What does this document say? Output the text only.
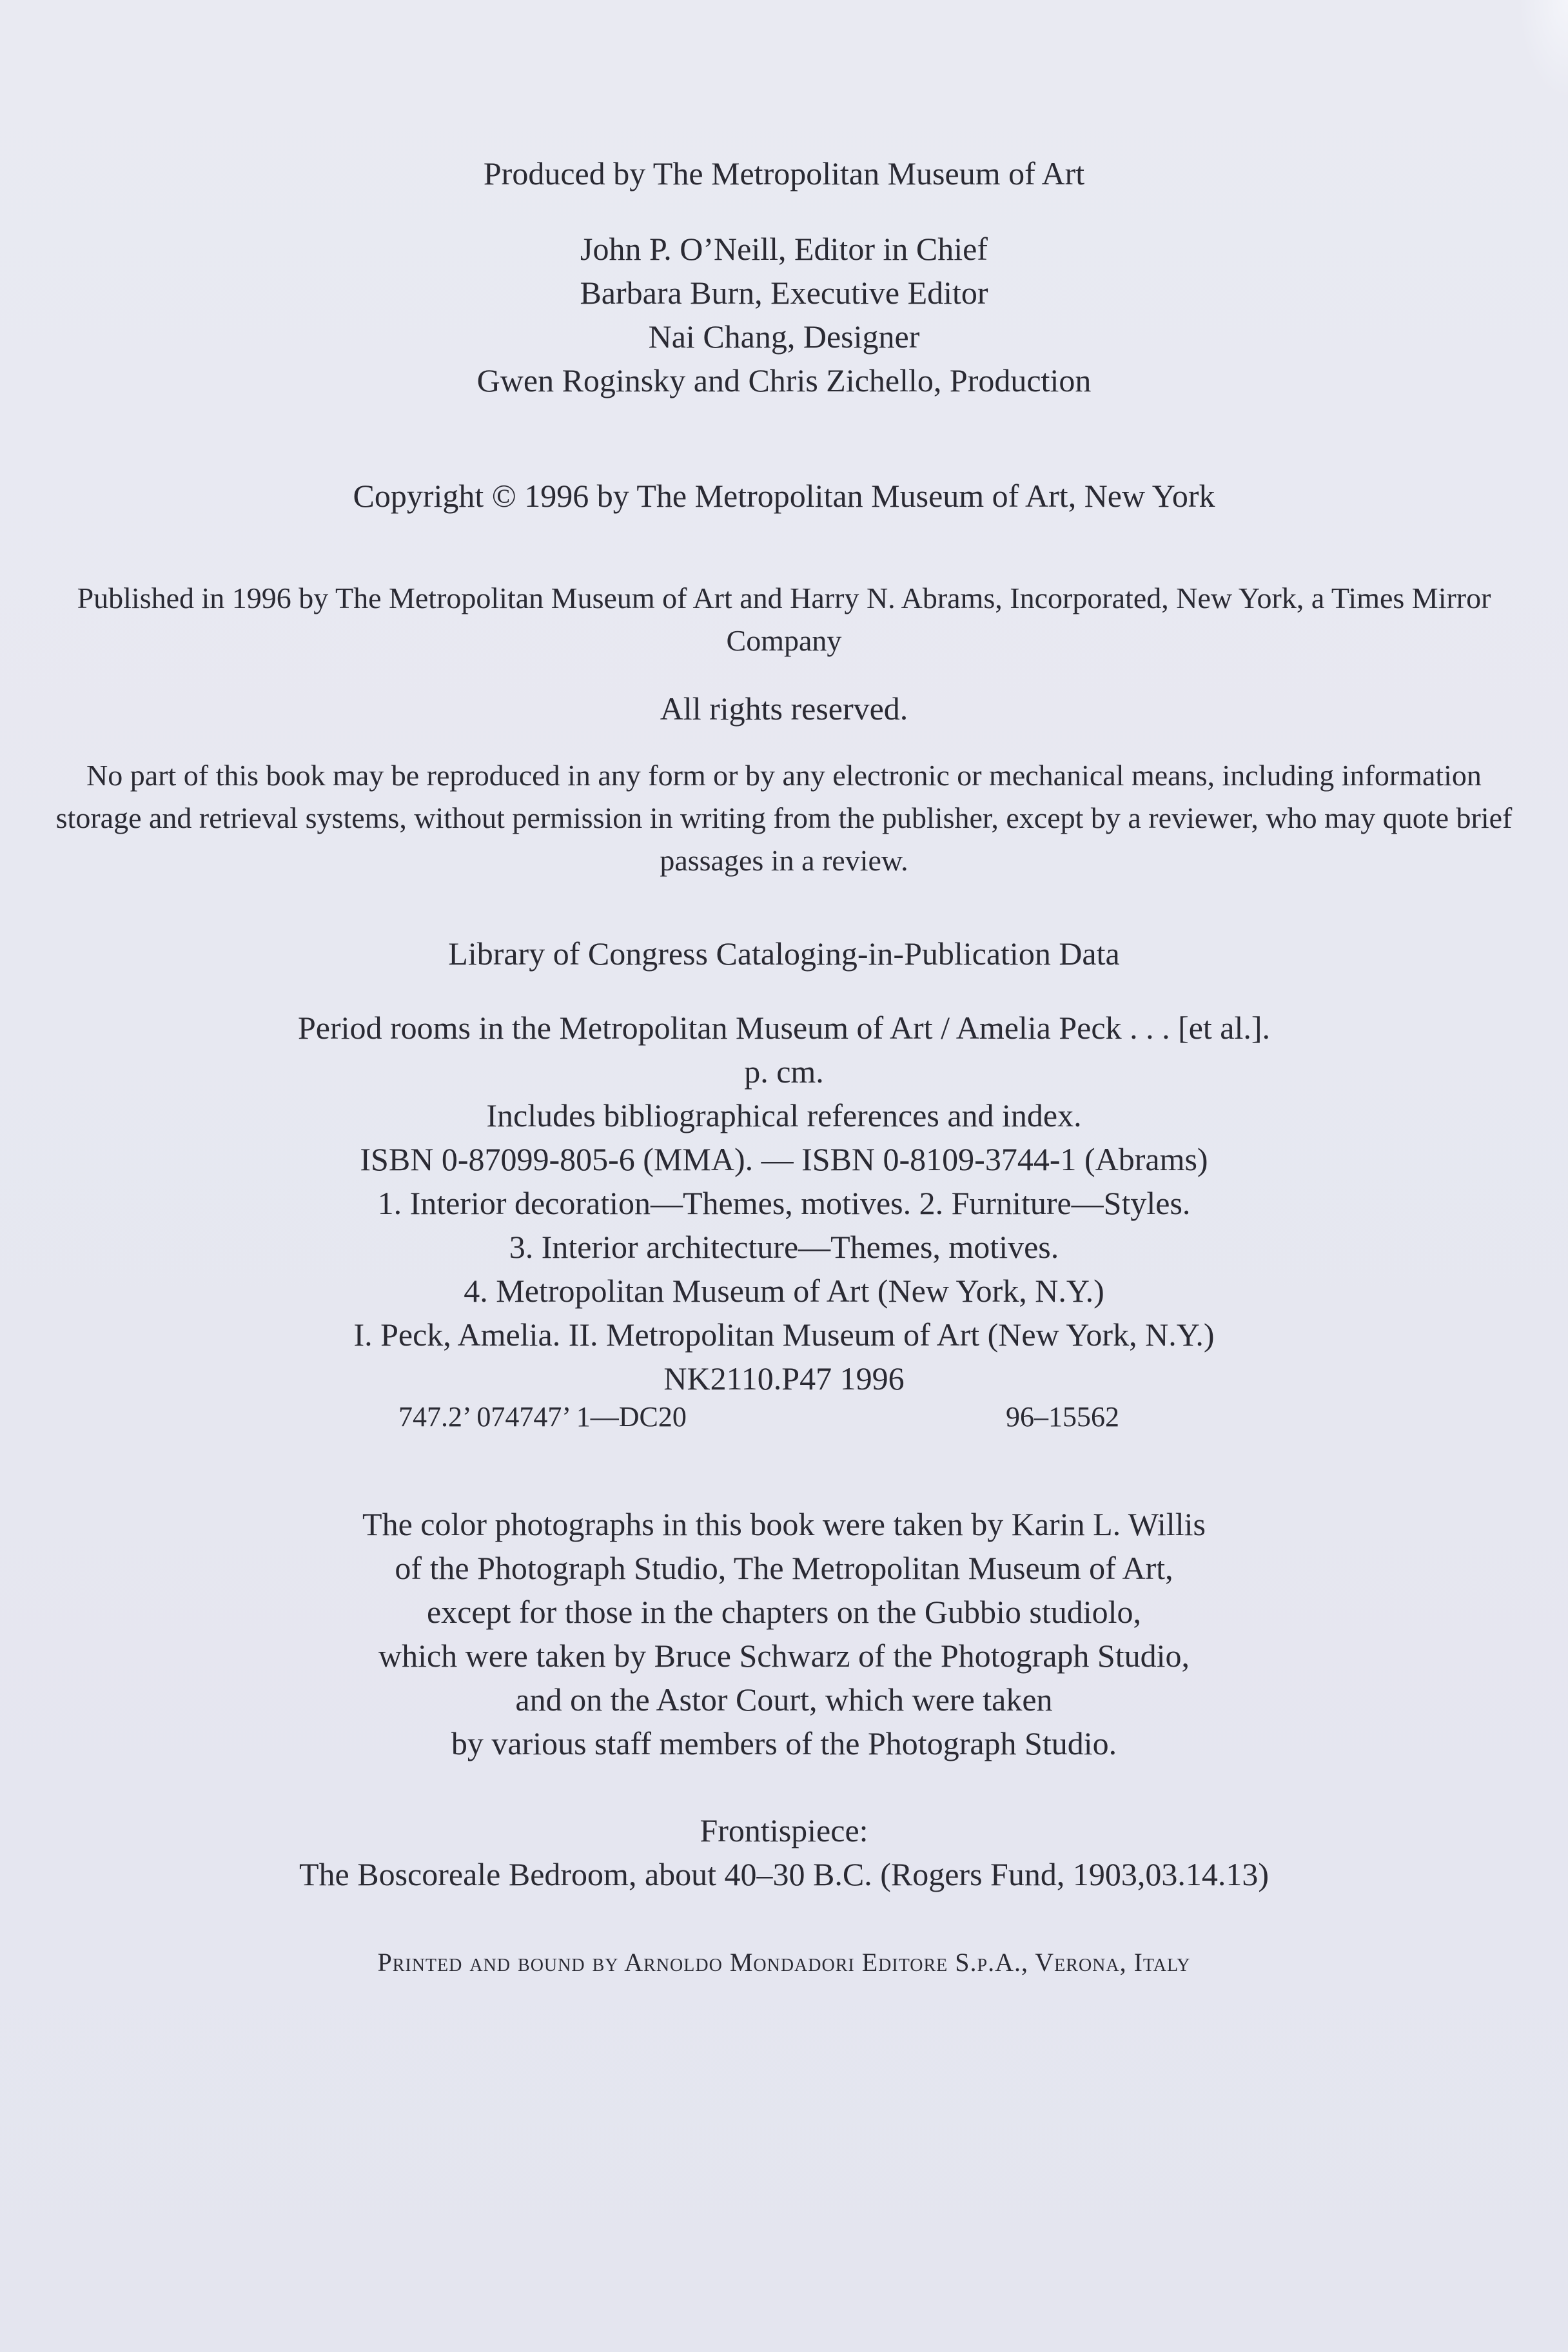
Produced by The Metropolitan Museum of Art
John P. O’Neill, Editor in Chief
Barbara Burn, Executive Editor
Nai Chang, Designer
Gwen Roginsky and Chris Zichello, Production
Copyright © 1996 by The Metropolitan Museum of Art, New York
Published in 1996 by The Metropolitan Museum of Art and Harry N. Abrams, Incorporated, New York, a Times Mirror
Company
All rights reserved.
No part of this book may be reproduced in any form or by any electronic or mechanical means, including information
storage and retrieval systems, without permission in writing from the publisher, except by a reviewer, who may quote brief
passages in a review.
Library of Congress Cataloging-in-Publication Data
Period rooms in the Metropolitan Museum of Art / Amelia Peck . . . [et al.].
p. cm.
Includes bibliographical references and index.
ISBN 0-87099-805-6 (MMA). — ISBN 0-8109-3744-1 (Abrams)
1. Interior decoration—Themes, motives. 2. Furniture—Styles.
3. Interior architecture—Themes, motives.
4. Metropolitan Museum of Art (New York, N.Y.)
I. Peck, Amelia. II. Metropolitan Museum of Art (New York, N.Y.)
NK2110.P47 1996
747.2’ 074747’ 1—DC20	96–15562
The color photographs in this book were taken by Karin L. Willis
of the Photograph Studio, The Metropolitan Museum of Art,
except for those in the chapters on the Gubbio studiolo,
which were taken by Bruce Schwarz of the Photograph Studio,
and on the Astor Court, which were taken
by various staff members of the Photograph Studio.
Frontispiece:
The Boscoreale Bedroom, about 40–30 B.C. (Rogers Fund, 1903,03.14.13)
Printed and bound by Arnoldo Mondadori Editore S.p.A., Verona, Italy
